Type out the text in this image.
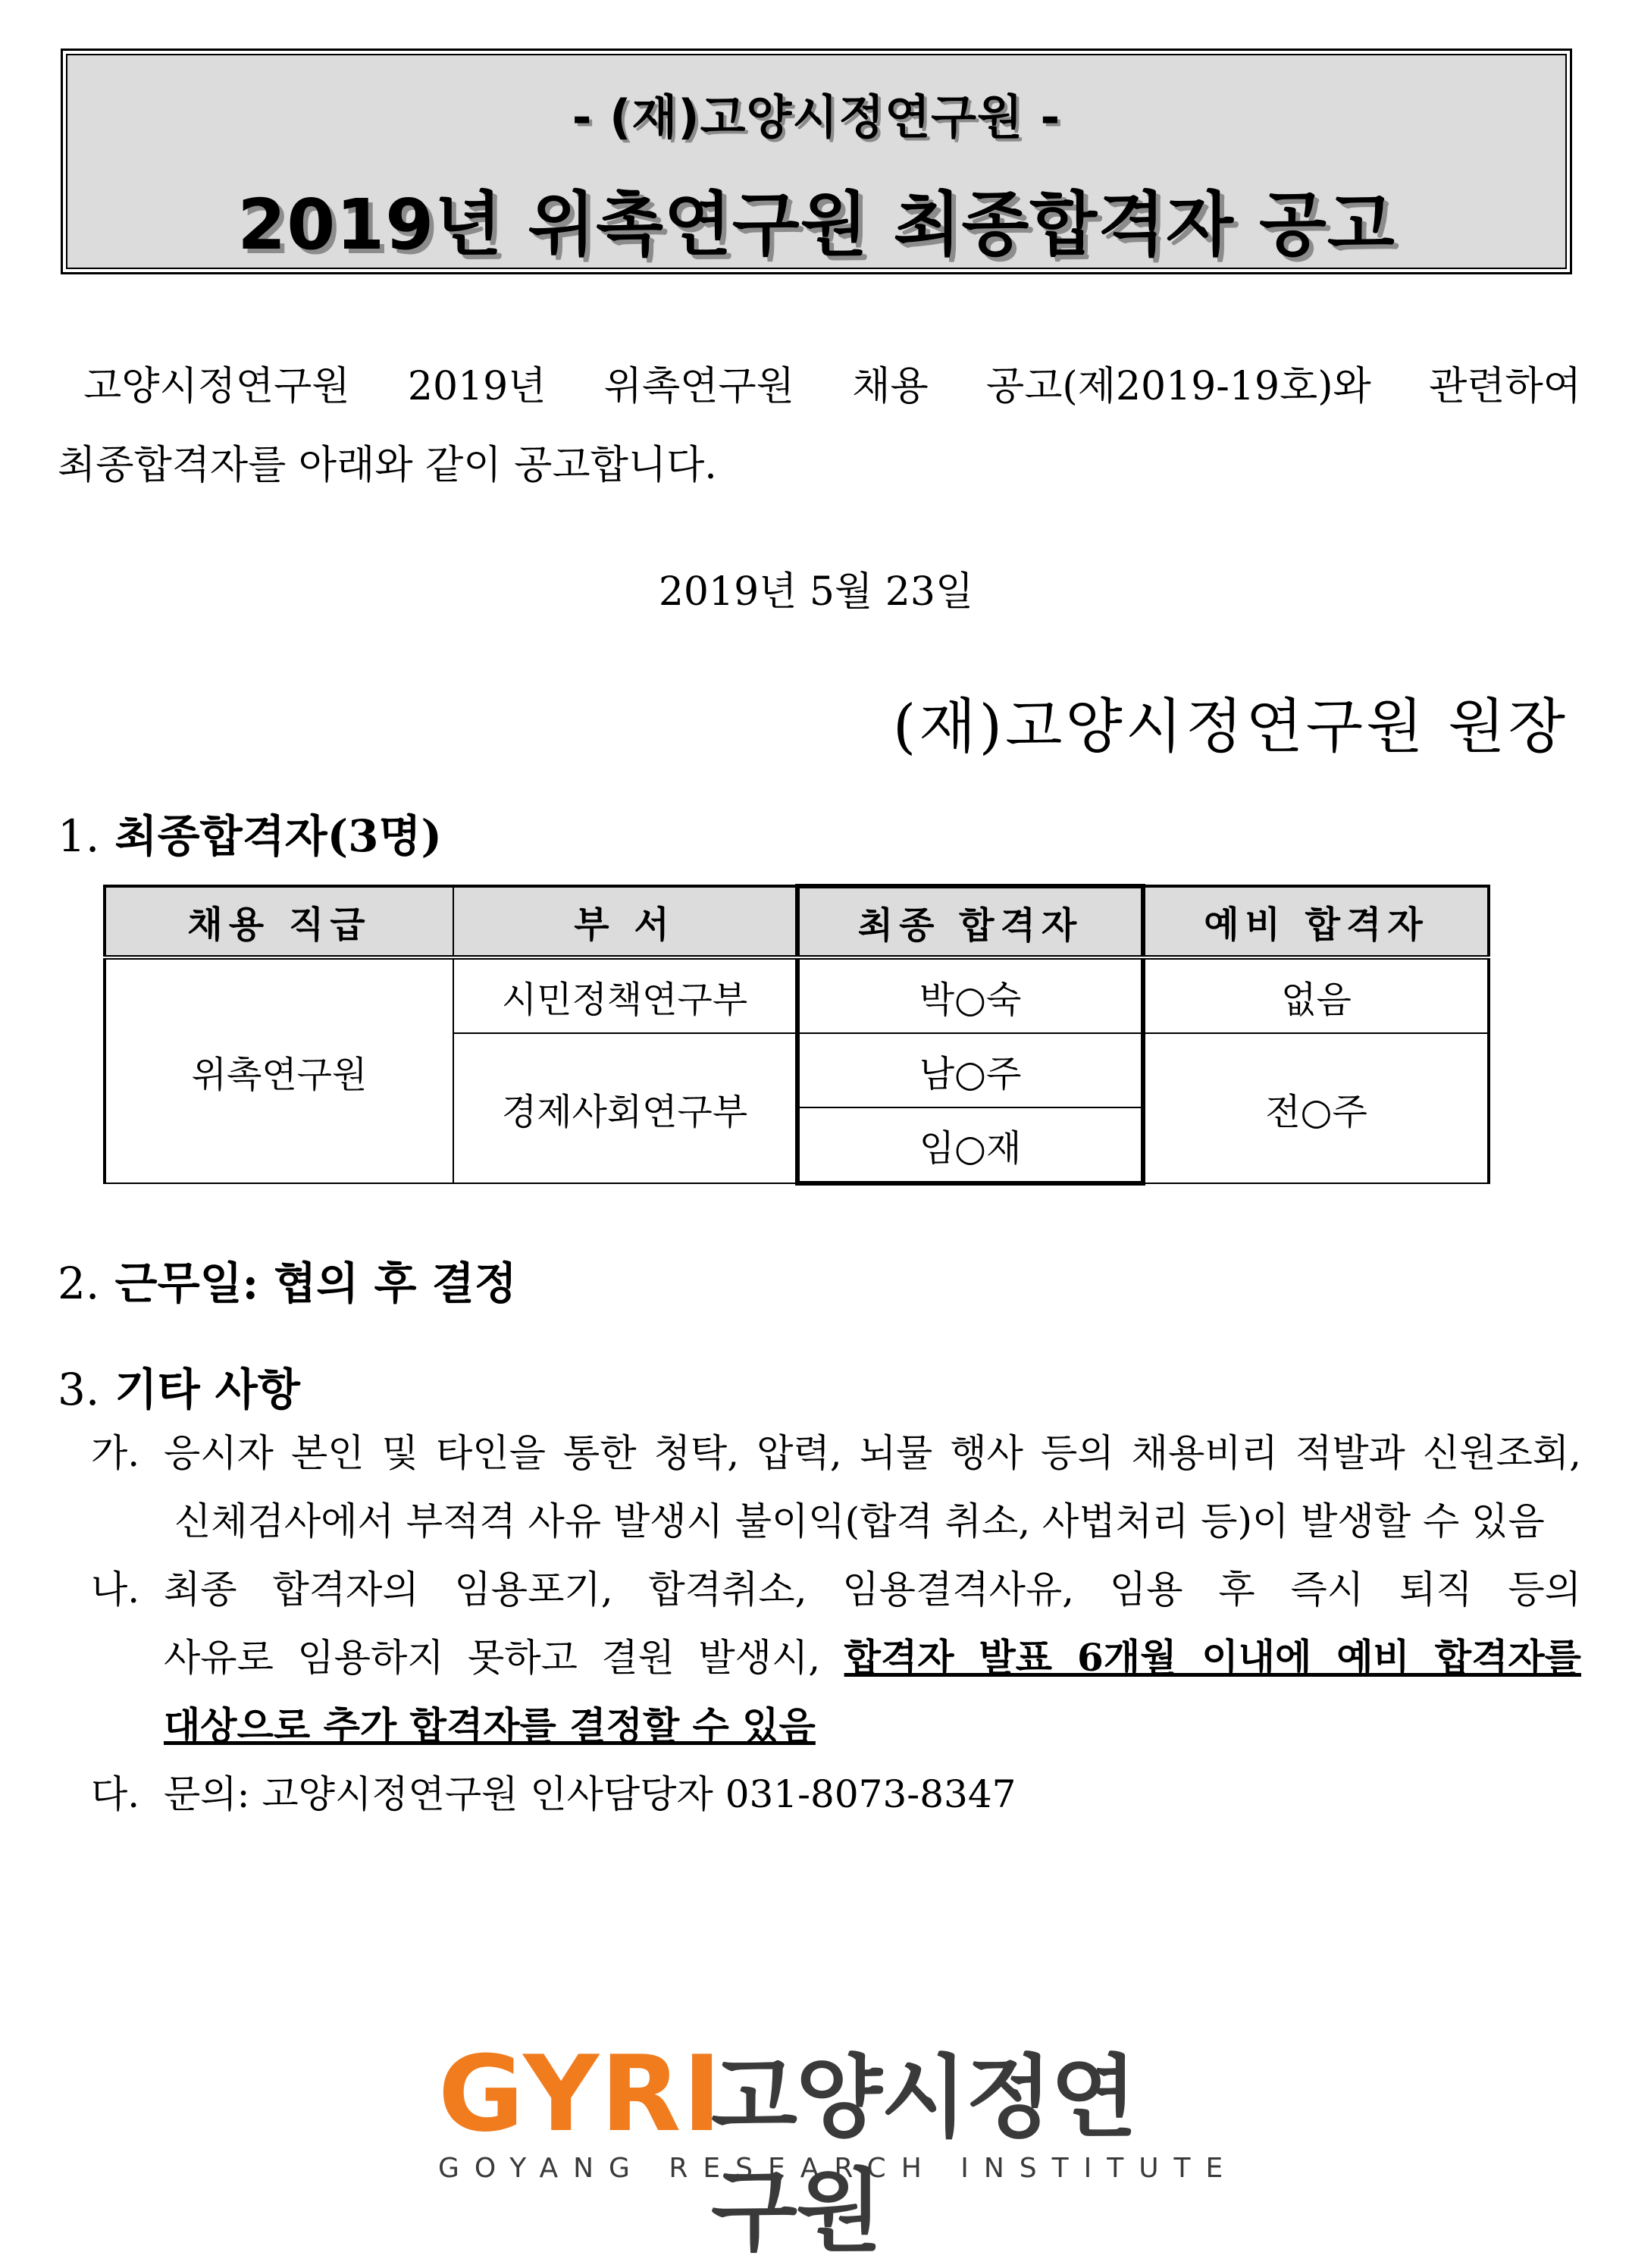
- (재)고양시정연구원 -
2019년 위촉연구원 최종합격자 공고
고양시정연구원 2019년 위촉연구원 채용 공고(제2019-19호)와 관련하여
최종합격자를 아래와 같이 공고합니다.
2019년 5월 23일
(재)고양시정연구원 원장
1. 최종합격자(3명)
채용 직급	부 서	최종 합격자	예비 합격자
위촉연구원	시민정책연구부	박○숙	없음
	경제사회연구부	남○주	전○주
		임○재	
2. 근무일: 협의 후 결정
3. 기타 사항
가. 응시자 본인 및 타인을 통한 청탁, 압력, 뇌물 행사 등의 채용비리 적발과 신원조회,
신체검사에서 부적격 사유 발생시 불이익(합격 취소, 사법처리 등)이 발생할 수 있음
나. 최종 합격자의 임용포기, 합격취소, 임용결격사유, 임용 후 즉시 퇴직 등의
사유로 임용하지 못하고 결원 발생시, 합격자 발표 6개월 이내에 예비 합격자를
대상으로 추가 합격자를 결정할 수 있음
다. 문의: 고양시정연구원 인사담당자 031-8073-8347
GYRI
고양시정연구원
GOYANG RESEARCH INSTITUTE
